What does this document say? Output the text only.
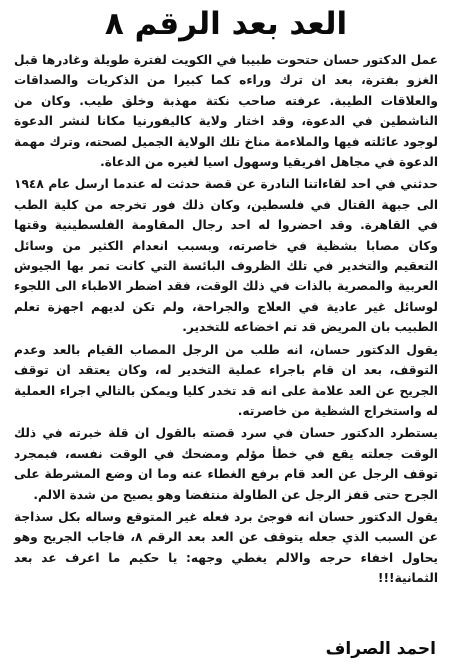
العد بعد الرقم ٨

عمل الدكتور حسان حتحوت طبيبا في الكويت لفترة طويلة وغادرها قبل الغزو بفترة، بعد ان ترك وراءه كما كبيرا من الذكريات والصداقات والعلاقات الطيبة. عرفته صاحب نكتة مهذبة وخلق طيب. وكان من الناشطين في الدعوة، وقد اختار ولاية كاليفورنيا مكانا لنشر الدعوة لوجود عائلته فيها والملاءمة مناخ تلك الولاية الجميل لصحته، وترك مهمة الدعوة في مجاهل افريقيا وسهول اسيا لغيره من الدعاة.

حدثني في احد لقاءاتنا النادرة عن قصة حدثت له عندما ارسل عام ١٩٤٨ الى جبهة القتال في فلسطين، وكان ذلك فور تخرجه من كلية الطب في القاهرة. وقد احضروا له احد رجال المقاومة الفلسطينية وقتها وكان مصابا بشظية في خاصرته، وبسبب انعدام الكثير من وسائل التعقيم والتخدير في تلك الظروف البائسة التي كانت تمر بها الجيوش العربية والمصرية بالذات في ذلك الوقت، فقد اضطر الاطباء الى اللجوء لوسائل غير عادية في العلاج والجراحة، ولم تكن لديهم اجهزة تعلم الطبيب بان المريض قد تم اخضاعه للتخدير.

يقول الدكتور حسان، انه طلب من الرجل المصاب القيام بالعد وعدم التوقف، بعد ان قام باجراء عملية التخدير له، وكان يعتقد ان توقف الجريح عن العد علامة على انه قد تخدر كليا ويمكن بالتالي اجراء العملية له واستخراج الشظية من خاصرته.

يستطرد الدكتور حسان في سرد قصته بالقول ان قلة خبرته في ذلك الوقت جعلته يقع في خطأ مؤلم ومضحك في الوقت نفسه، فبمجرد توقف الرجل عن العد قام برفع الغطاء عنه وما ان وضع المشرطة على الجرح حتى قفز الرجل عن الطاولة منتفضا وهو يصيح من شدة الالم.

يقول الدكتور حسان انه فوجئ برد فعله غير المتوقع وساله بكل سذاجة عن السبب الذي جعله يتوقف عن العد بعد الرقم ٨، فاجاب الجريح وهو يحاول اخفاء حرجه والالم يغطي وجهه: يا حكيم ما اعرف عد بعد الثمانية!!!

احمد الصراف
